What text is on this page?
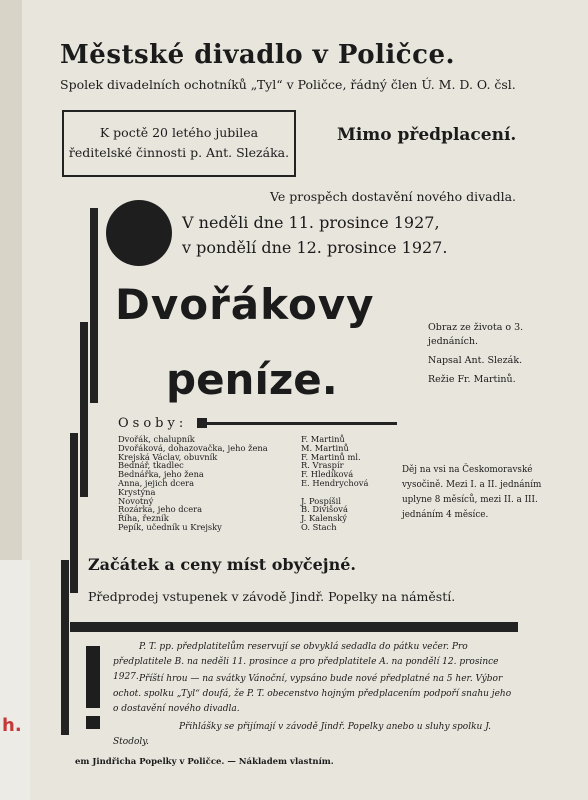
Městské divadlo v Poličce.
Spolek divadelních ochotníků „Tyl“ v Poličce, řádný člen Ú. M. D. O. čsl.
K poctě 20 letého jubilea
ředitelské činnosti p. Ant. Slezáka.
Mimo předplacení.
Ve prospěch dostavění nového divadla.
V neděli dne 11. prosince 1927,
v pondělí dne 12. prosince 1927.
Dvořákovy
peníze.
Obraz ze života o 3.
jednáních.
Napsal Ant. Slezák.
Režie Fr. Martinů.
Osoby:
Dvořák, chalupník	F. Martinů
Dvořáková, dohazovačka, jeho žena	M. Martinů
Krejská Václav, obuvník	F. Martinů ml.
Bednář, tkadlec	R. Vraspír
Bednářka, jeho žena	F. Hledíková
Anna, jejich dcera	E. Hendrychová
Krystýna
Novotný	J. Pospíšil
Rozárka, jeho dcera	B. Divišová
Říha, řezník	J. Kalenský
Pepík, učedník u Krejsky	O. Stach
Děj na vsi na Českomoravské
vysočině. Mezi I. a II. jednáním
uplyne 8 měsíců, mezi II. a III.
jednáním 4 měsíce.
Začátek a ceny míst obyčejné.
Předprodej vstupenek v závodě Jindř. Popelky na náměstí.
P. T. pp. předplatitelům reservují se obvyklá sedadla do pátku večer. Pro předplatitele B. na neděli 11. prosince a pro předplatitele A. na pondělí 12. prosince 1927. Příští hrou — na svátky Vánoční, vypsáno bude nové předplatné na 5 her. Výbor ochot. spolku „Tyl“ doufá, že P. T. obecenstvo hojným předplacením podpoří snahu jeho o dostavění nového divadla.
Přihlášky se přijímají v závodě Jindř. Popelky anebo u sluhy spolku J. Stodoly.
em Jindřicha Popelky v Poličce. — Nákladem vlastním.
h.
